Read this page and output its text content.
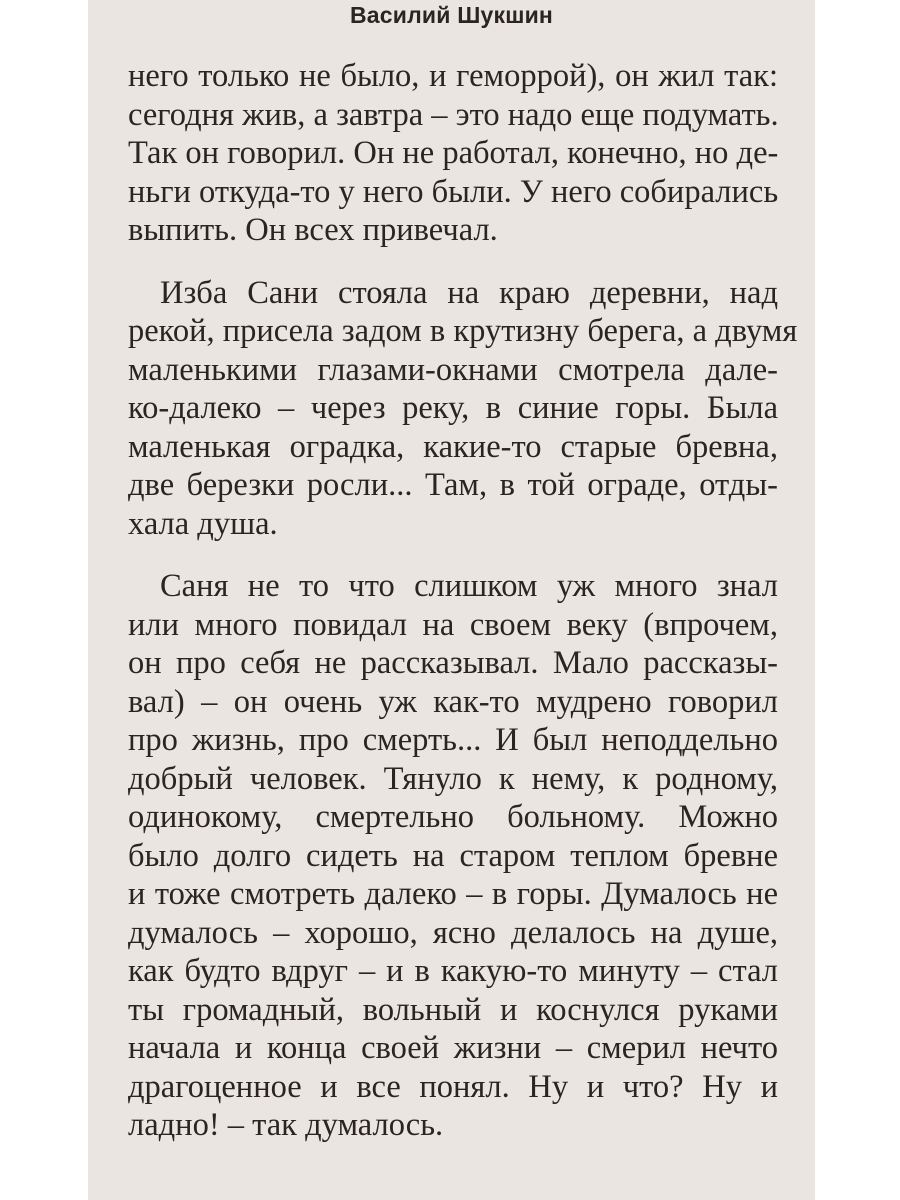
Василий Шукшин
него только не было, и геморрой), он жил так:
сегодня жив, а завтра – это надо еще подумать.
Так он говорил. Он не работал, конечно, но де-
ньги откуда-то у него были. У него собирались
выпить. Он всех привечал.
Изба Сани стояла на краю деревни, над
рекой, присела задом в крутизну берега, а двумя
маленькими глазами-окнами смотрела дале-
ко-далеко – через реку, в синие горы. Была
маленькая оградка, какие-то старые бревна,
две березки росли... Там, в той ограде, отды-
хала душа.
Саня не то что слишком уж много знал
или много повидал на своем веку (впрочем,
он про себя не рассказывал. Мало рассказы-
вал) – он очень уж как-то мудрено говорил
про жизнь, про смерть... И был неподдельно
добрый человек. Тянуло к нему, к родному,
одинокому, смертельно больному. Можно
было долго сидеть на старом теплом бревне
и тоже смотреть далеко – в горы. Думалось не
думалось – хорошо, ясно делалось на душе,
как будто вдруг – и в какую-то минуту – стал
ты громадный, вольный и коснулся руками
начала и конца своей жизни – смерил нечто
драгоценное и все понял. Ну и что? Ну и
ладно! – так думалось.
